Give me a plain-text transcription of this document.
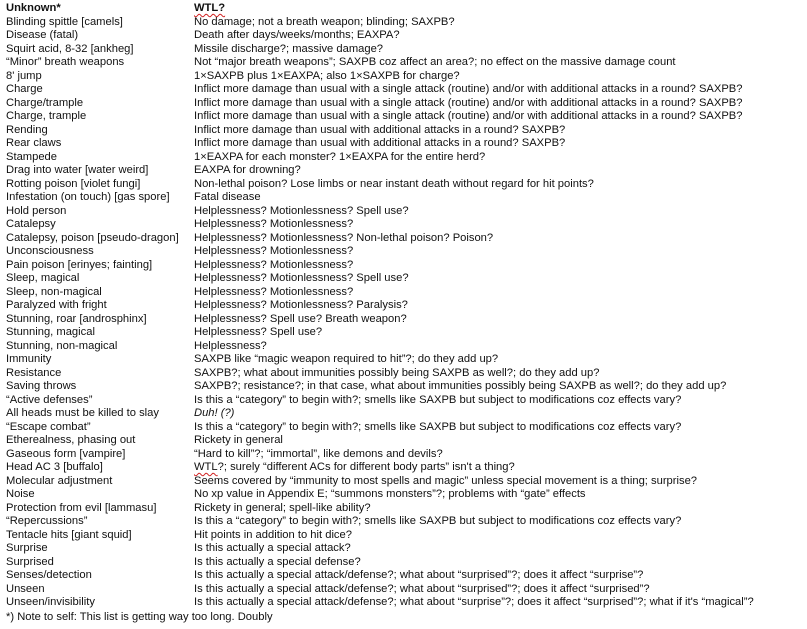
Unknown*	WTL?
Blinding spittle [camels]	No damage; not a breath weapon; blinding; SAXPB?
Disease (fatal)	Death after days/weeks/months; EAXPA?
Squirt acid, 8-32 [ankheg]	Missile discharge?; massive damage?
“Minor” breath weapons	Not “major breath weapons”; SAXPB coz affect an area?; no effect on the massive damage count
8' jump	1×SAXPB plus 1×EAXPA; also 1×SAXPB for charge?
Charge	Inflict more damage than usual with a single attack (routine) and/or with additional attacks in a round? SAXPB?
Charge/trample	Inflict more damage than usual with a single attack (routine) and/or with additional attacks in a round? SAXPB?
Charge, trample	Inflict more damage than usual with a single attack (routine) and/or with additional attacks in a round? SAXPB?
Rending	Inflict more damage than usual with additional attacks in a round? SAXPB?
Rear claws	Inflict more damage than usual with additional attacks in a round? SAXPB?
Stampede	1×EAXPA for each monster? 1×EAXPA for the entire herd?
Drag into water [water weird]	EAXPA for drowning?
Rotting poison [violet fungi]	Non-lethal poison? Lose limbs or near instant death without regard for hit points?
Infestation (on touch) [gas spore]	Fatal disease
Hold person	Helplessness? Motionlessness? Spell use?
Catalepsy	Helplessness? Motionlessness?
Catalepsy, poison [pseudo-dragon]	Helplessness? Motionlessness? Non-lethal poison? Poison?
Unconsciousness	Helplessness? Motionlessness?
Pain poison [erinyes; fainting]	Helplessness? Motionlessness?
Sleep, magical	Helplessness? Motionlessness? Spell use?
Sleep, non-magical	Helplessness? Motionlessness?
Paralyzed with fright	Helplessness? Motionlessness? Paralysis?
Stunning, roar [androsphinx]	Helplessness? Spell use? Breath weapon?
Stunning, magical	Helplessness? Spell use?
Stunning, non-magical	Helplessness?
Immunity	SAXPB like “magic weapon required to hit”?; do they add up?
Resistance	SAXPB?; what about immunities possibly being SAXPB as well?; do they add up?
Saving throws	SAXPB?; resistance?; in that case, what about immunities possibly being SAXPB as well?; do they add up?
“Active defenses”	Is this a “category” to begin with?; smells like SAXPB but subject to modifications coz effects vary?
All heads must be killed to slay	Duh! (?)
“Escape combat”	Is this a “category” to begin with?; smells like SAXPB but subject to modifications coz effects vary?
Etherealness, phasing out	Rickety in general
Gaseous form [vampire]	“Hard to kill”?; “immortal”, like demons and devils?
Head AC 3 [buffalo]	WTL?; surely “different ACs for different body parts” isn't a thing?
Molecular adjustment	Seems covered by “immunity to most spells and magic” unless special movement is a thing; surprise?
Noise	No xp value in Appendix E; “summons monsters”?; problems with “gate” effects
Protection from evil [lammasu]	Rickety in general; spell-like ability?
“Repercussions”	Is this a “category” to begin with?; smells like SAXPB but subject to modifications coz effects vary?
Tentacle hits [giant squid]	Hit points in addition to hit dice?
Surprise	Is this actually a special attack?
Surprised	Is this actually a special defense?
Senses/detection	Is this actually a special attack/defense?; what about “surprised”?; does it affect “surprise”?
Unseen	Is this actually a special attack/defense?; what about “surprised”?; does it affect “surprised”?
Unseen/invisibility	Is this actually a special attack/defense?; what about “surprise”?; does it affect “surprised”?; what if it's “magical”?
*) Note to self: This list is getting way too long. Doubly
